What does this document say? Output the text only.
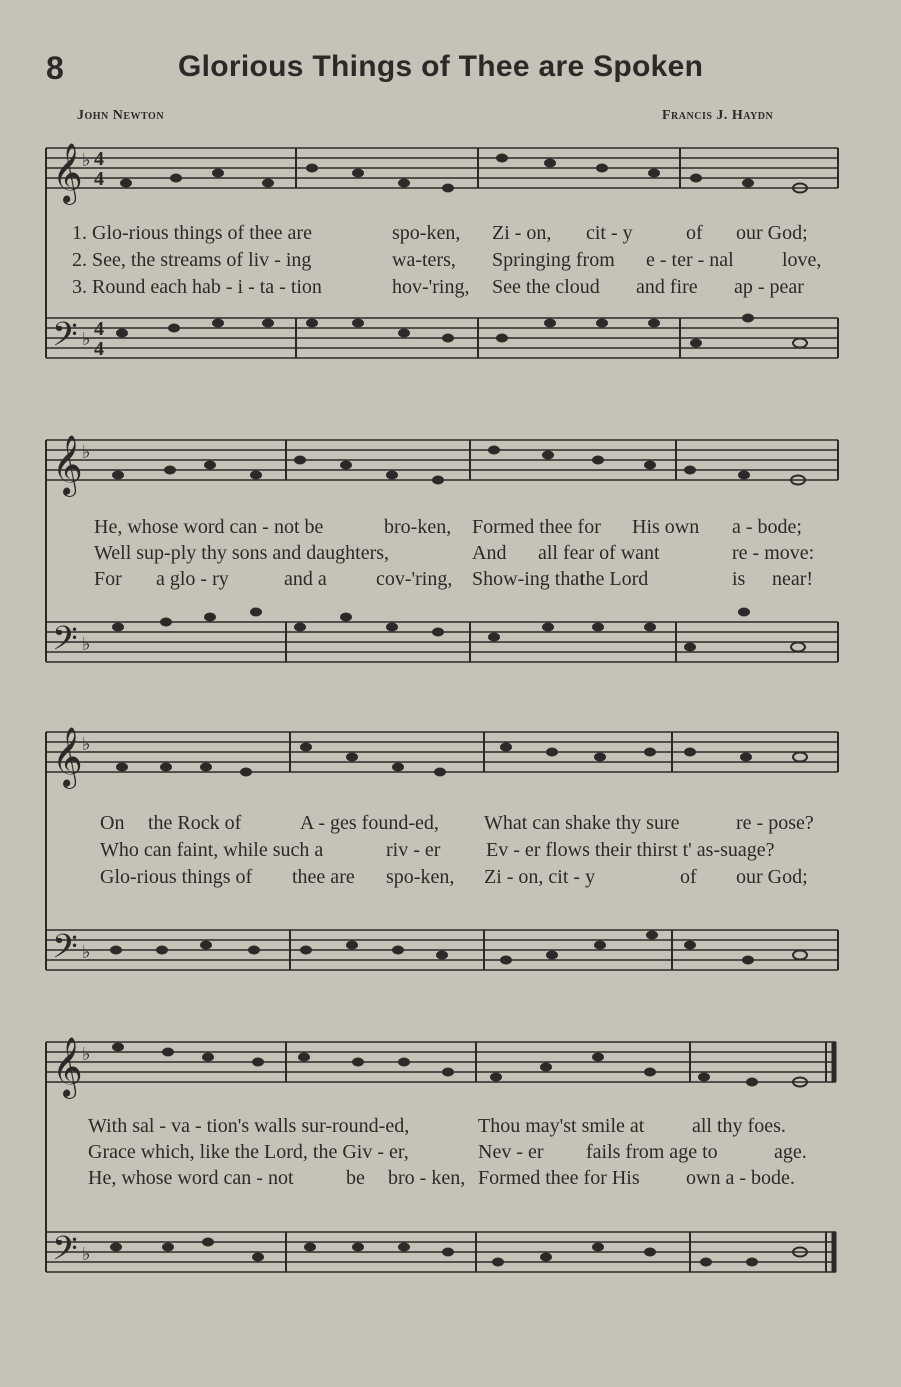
8	Glorious Things of Thee are Spoken
John Newton	Francis J. Haydn
𝄞 4
4
♭
𝄢 4
4
♭
1. Glo-rious things of thee are	spo-ken, Zi - on, cit - y	of our God;
2. See, the streams of liv - ing	wa-ters, Springing from e - ter - nal love,
3. Round each hab - i - ta - tion	hov-'ring, See the cloud and fire ap - pear
𝄞 ♭
𝄢 ♭
He, whose word can - not be	bro-ken, Formed thee for His own a - bode;
Well sup-ply thy sons and daughters,	And all fear of want	re - move:
For a glo - ry	and a cov-'ring, Show-ing that
the Lord	is near!
𝄞 ♭
𝄢 ♭
On the Rock of	A - ges found-ed, What can shake thy sure	re - pose?
Who can faint, while such a	riv - er Ev - er flows their thirst t' as-suage?
Glo-rious things of thee are spo-ken, Zi - on, cit - y	of our God;
𝄞 ♭
𝄢 ♭
With sal - va - tion's walls sur-round-ed,	Thou may'st smile at all thy foes.
Grace which, like the Lord, the Giv - er,	Nev - er fails from age to	age.
He, whose word can - not	be bro - ken, Formed thee for His own a - bode.
